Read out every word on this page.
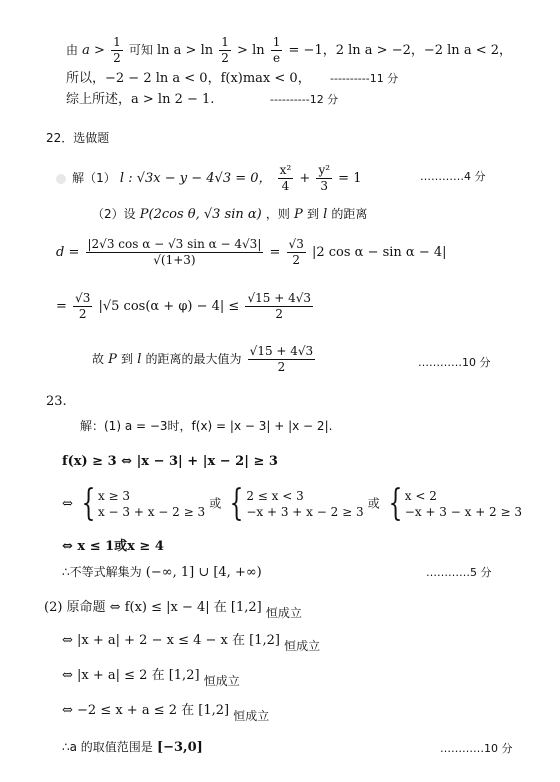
由 $a > \frac{1}{2}$ 可知 $\ln a > \ln \frac{1}{2} > \ln \frac{1}{e} = -1$，2 ln a > −2，−2 ln a < 2，
所以，−2 − 2 ln a < 0，f(x)max < 0， ----------11 分
综上所述，a > ln 2 − 1.	----------12 分
22．选做题
解（1） l : √3x − y − 4√3 = 0， $\frac{\text{x²}}{4} + \frac{\text{y²}}{3} = 1$	…………4 分
（2）设 P(2cos θ, √3 sin α) ，则 P 到 l 的距离
$d = \frac{\text{|2√3 cos α − √3 sin α − 4√3|}}{√(1+3)} = \frac{√3}{2} |2$ cos α − sin α − 4|
= $\frac{√3}{2} |√5$ $\cos(\alpha + \varphi) - 4| \le \frac{√15 + 4√3}{2}$
故 P 到 l 的距离的最大值为 $\frac{√15 + 4√3}{2}$	…………10 分
23.
解：(1) a = −3时，f(x) = |x − 3| + |x − 2|.
f(x) ≥ 3 ⇔ |x − 3| + |x − 2| ≥ 3
⇔ { x ≥ 3
x − 3 + x − 2 ≥ 3
或 { 2 ≤ x < 3
−x + 3 + x − 2 ≥ 3
或 { x < 2
−x + 3 − x + 2 ≥ 3
⇔ x ≤ 1或x ≥ 4
∴不等式解集为 (−∞, 1] ∪ [4, +∞)	…………5 分
(2) 原命题 ⇔ f(x) ≤ |x − 4| 在 [1,2] 恒成立
⇔ |x + a| + 2 − x ≤ 4 − x 在 [1,2] 恒成立
⇔ |x + a| ≤ 2 在 [1,2] 恒成立
⇔ −2 ≤ x + a ≤ 2 在 [1,2] 恒成立
∴a 的取值范围是 [−3,0]	…………10 分
